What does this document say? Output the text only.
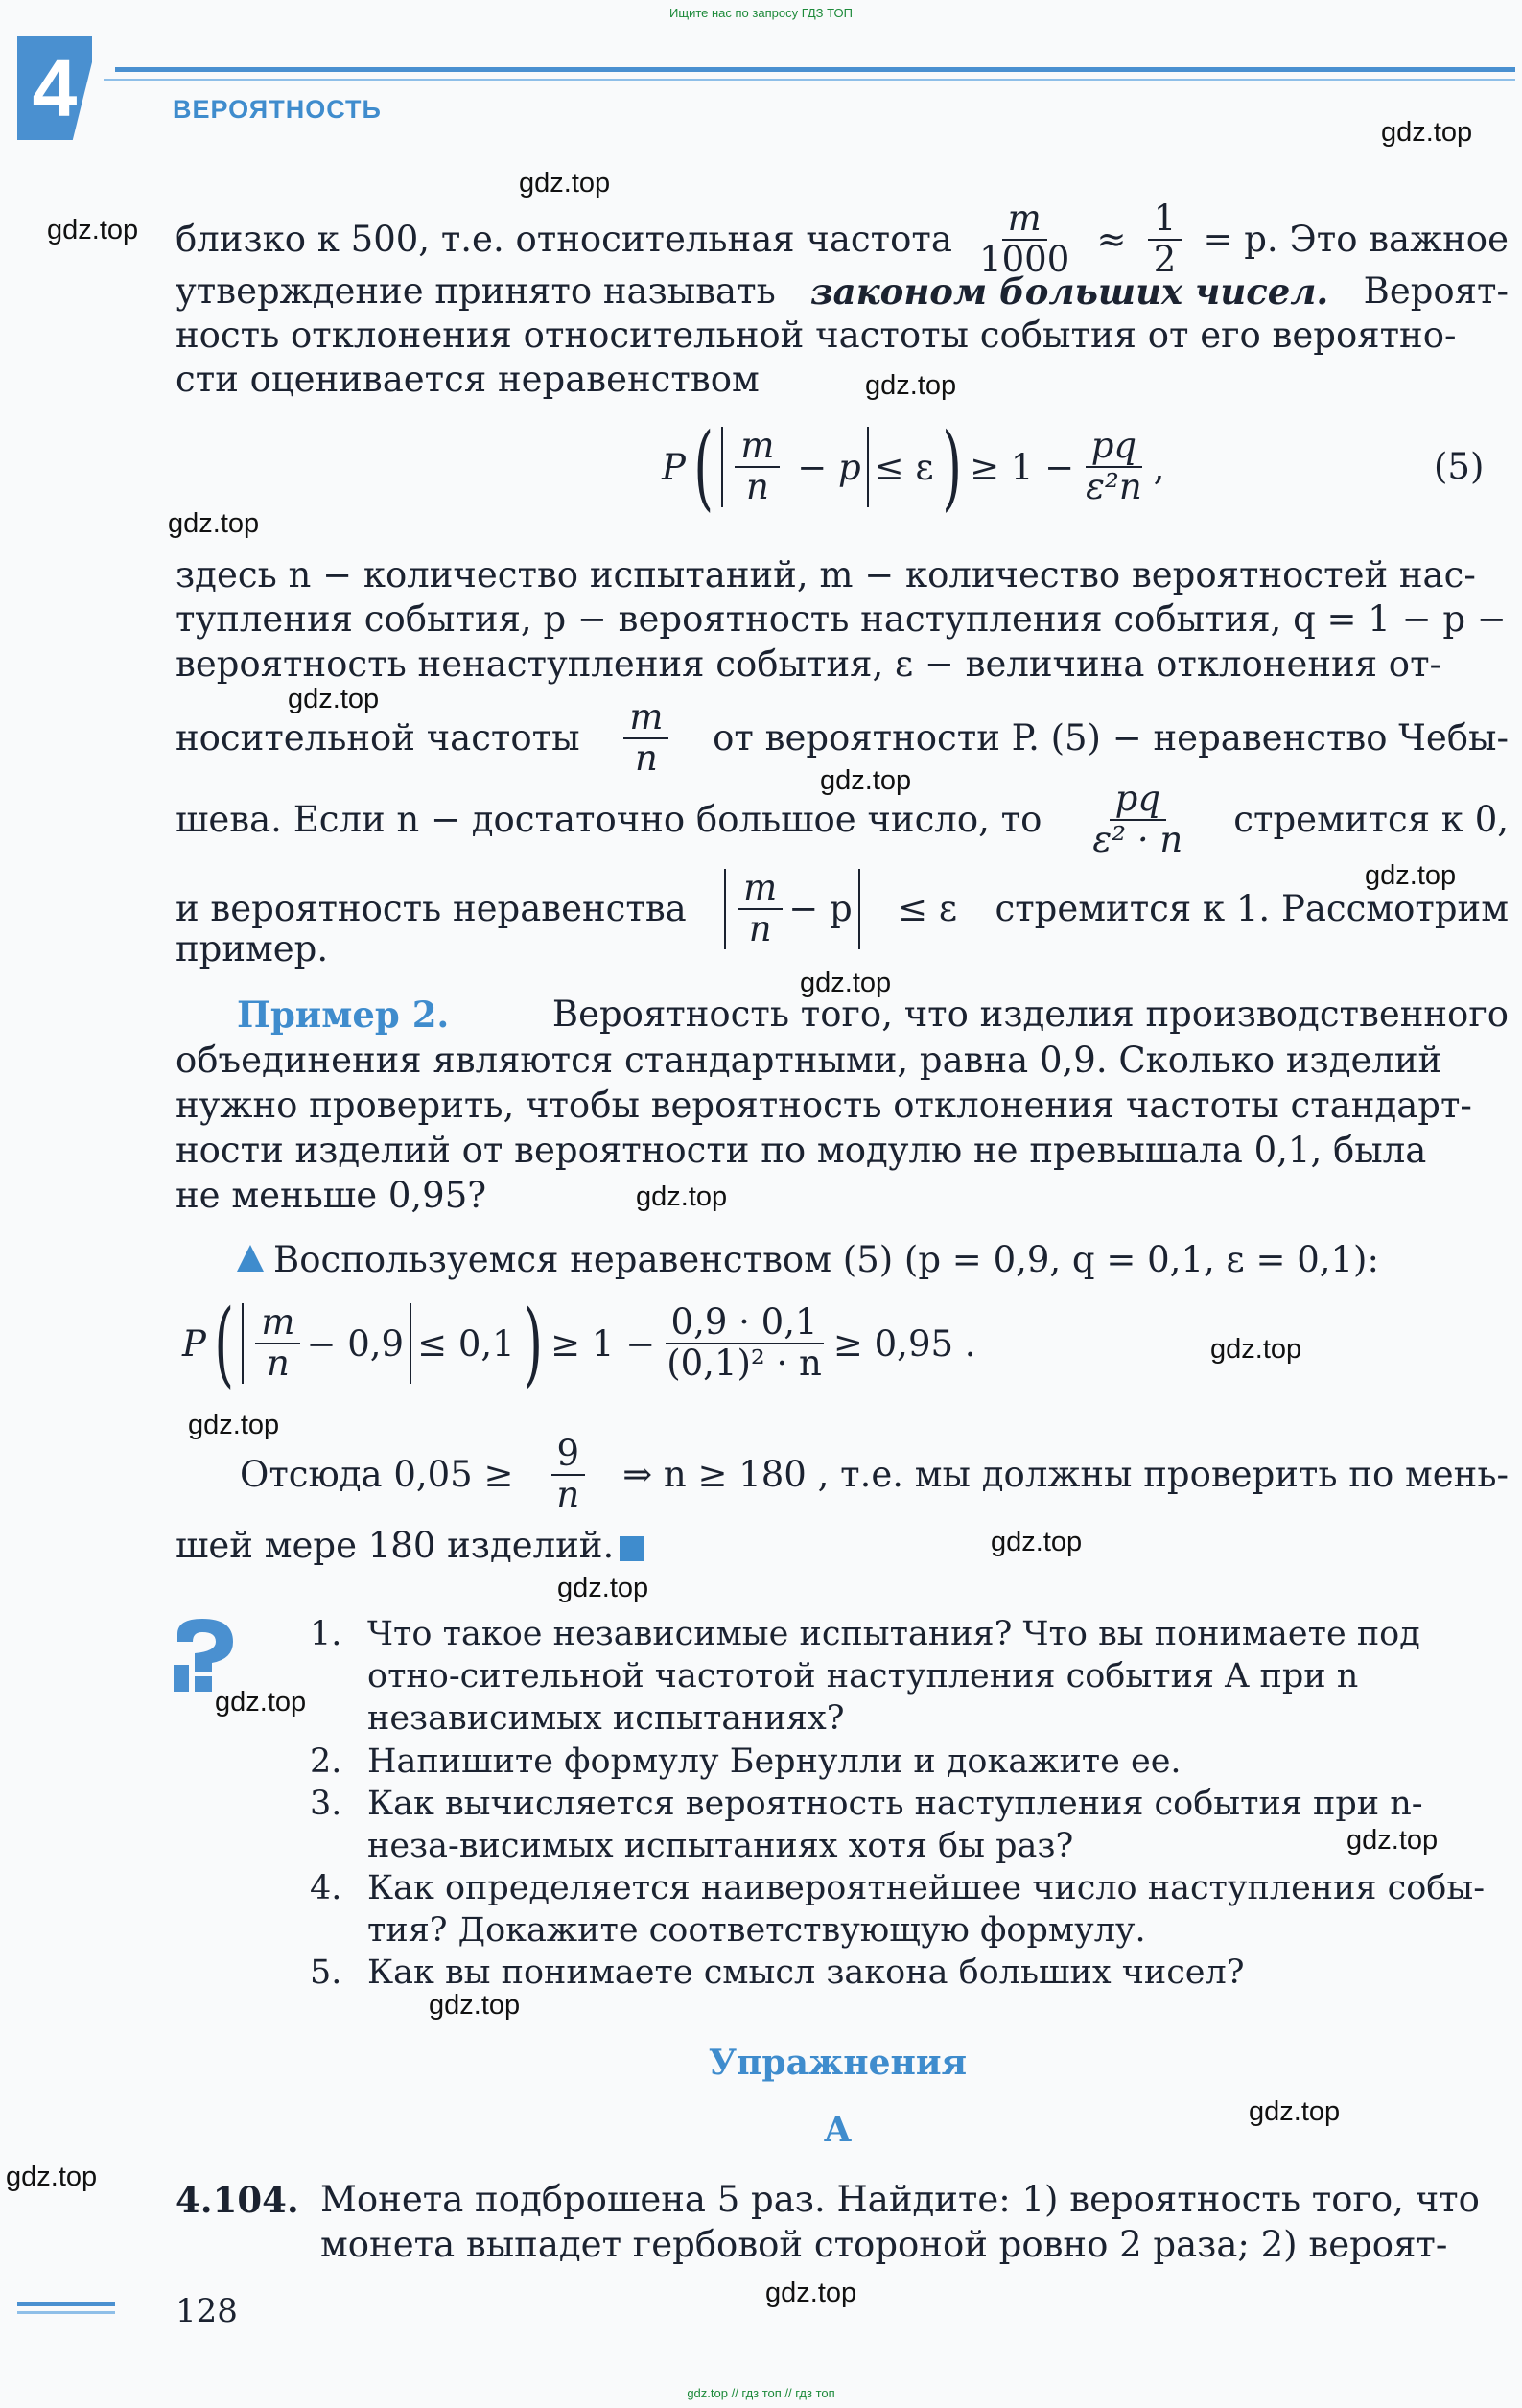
Ищите нас по запросу ГДЗ ТОП
4	ВЕРОЯТНОСТЬ
gdz.top
gdz.top
gdz.top
gdz.top
gdz.top
gdz.top
gdz.top
gdz.top
gdz.top
gdz.top
gdz.top
gdz.top
gdz.top
gdz.top
gdz.top
gdz.top
gdz.top
gdz.top
gdz.top
gdz.top
близко к 500, т.е. относительная частота $\frac{m}{1000} \approx \frac{1}{2} = p$. Это важное
утверждение принято называть законом больших чисел. Вероят-
ность отклонения относительной частоты события от его вероятно-
сти оценивается неравенством
P ( $\frac{m}{n} - p \le \varepsilon$ ) ≥ $1 - \frac{pq}{\text{ε²n}}$ ,	(5)
здесь n − количество испытаний, m − количество вероятностей нас-
тупления события, p − вероятность наступления события, q = 1 − p −
вероятность ненаступления события, ε − величина отклонения от-
носительной частоты $\frac{m}{n}$ от вероятности P. (5) − неравенство Чебы-
шева. Если n − достаточно большое число, то $\frac{pq}{\text{ε² · n}}$ стремится к 0,
и вероятность неравенства $\frac{m}{n} - p \le \varepsilon$ стремится к 1. Рассмотрим
пример.
Пример 2.	Вероятность того, что изделия производственного
объединения являются стандартными, равна 0,9. Сколько изделий
нужно проверить, чтобы вероятность отклонения частоты стандарт-
ности изделий от вероятности по модулю не превышала 0,1, была
не меньше 0,95?
Воспользуемся неравенством (5) (p = 0,9, q = 0,1, ε = 0,1):
P ( $\frac{m}{n} - 0,9 \le 0,1$ ) ≥ $1 - \frac{0,9 \cdot 0,1}{\text{(0,1)² · n}} \ge 0,95$ .
Отсюда $0,05 \ge \frac{9}{n}$ ⇒ n ≥ 180 , т.е. мы должны проверить по мень-
шей мере 180 изделий.
1. Что такое независимые испытания? Что вы понимаете под отно-сительной частотой наступления события A при n независимых испытаниях?
2. Напишите формулу Бернулли и докажите ее.
3. Как вычисляется вероятность наступления события при n-неза-висимых испытаниях хотя бы раз?
4. Как определяется наивероятнейшее число наступления собы-тия? Докажите соответствующую формулу.
5. Как вы понимаете смысл закона больших чисел?
Упражнения
A
4.104. Монета подброшена 5 раз. Найдите: 1) вероятность того, что
монета выпадет гербовой стороной ровно 2 раза; 2) вероят-
128
gdz.top // гдз топ // гдз топ
